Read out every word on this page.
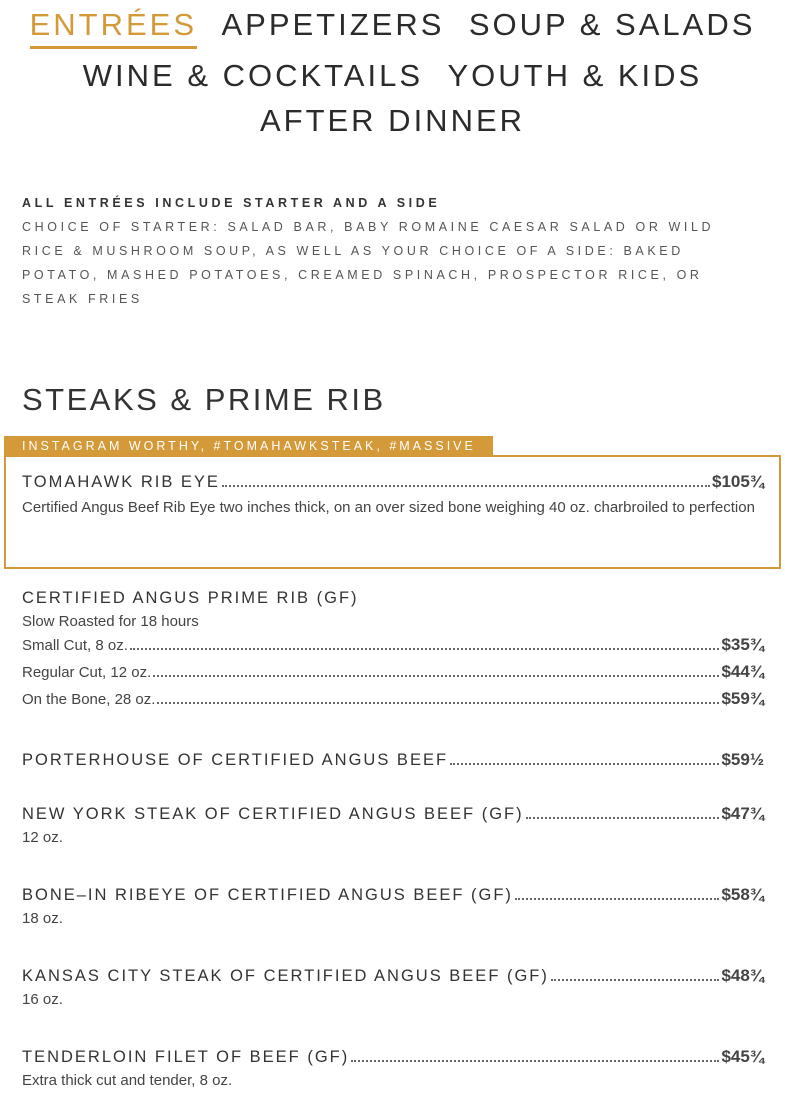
ENTRÉES APPETIZERS SOUP & SALADS
WINE & COCKTAILS YOUTH & KIDS
AFTER DINNER
ALL ENTRÉES INCLUDE STARTER AND A SIDE
CHOICE OF STARTER: SALAD BAR, BABY ROMAINE CAESAR SALAD OR WILD RICE & MUSHROOM SOUP, AS WELL AS YOUR CHOICE OF A SIDE: BAKED POTATO, MASHED POTATOES, CREAMED SPINACH, PROSPECTOR RICE, OR STEAK FRIES
STEAKS & PRIME RIB
INSTAGRAM WORTHY, #TOMAHAWKSTEAK, #MASSIVE
TOMAHAWK RIB EYE	$105¾
Certified Angus Beef Rib Eye two inches thick, on an over sized bone weighing 40 oz. charbroiled to perfection
CERTIFIED ANGUS PRIME RIB (GF)
Slow Roasted for 18 hours
Small Cut, 8 oz.	$35¾
Regular Cut, 12 oz.	$44¾
On the Bone, 28 oz.	$59¾
PORTERHOUSE OF CERTIFIED ANGUS BEEF	$59½
NEW YORK STEAK OF CERTIFIED ANGUS BEEF (GF)	$47¾
12 oz.
BONE–IN RIBEYE OF CERTIFIED ANGUS BEEF (GF)	$58¾
18 oz.
KANSAS CITY STEAK OF CERTIFIED ANGUS BEEF (GF)	$48¾
16 oz.
TENDERLOIN FILET OF BEEF (GF)	$45¾
Extra thick cut and tender, 8 oz.
